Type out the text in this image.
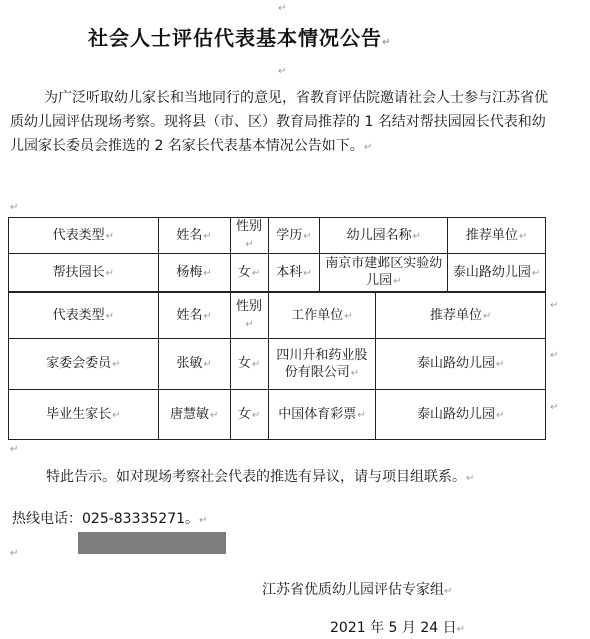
↵
社会人士评估代表基本情况公告↵
↵
为广泛听取幼儿家长和当地同行的意见，省教育评估院邀请社会人士参与江苏省优质幼儿园评估现场考察。现将县（市、区）教育局推荐的 1 名结对帮扶园园长代表和幼儿园家长委员会推选的 2 名家长代表基本情况公告如下。↵
↵
代表类型↵	姓名↵	性别↵	学历↵	幼儿园名称↵	推荐单位↵
帮扶园长↵	杨梅↵	女↵	本科↵	南京市建邺区实验幼儿园↵	泰山路幼儿园↵
代表类型↵	姓名↵	性别↵	工作单位↵	推荐单位↵
家委会委员↵	张敏↵	女↵	四川升和药业股份有限公司↵	泰山路幼儿园↵
毕业生家长↵	唐慧敏↵	女↵	中国体育彩票↵	泰山路幼儿园↵
↵
↵
↵
↵
特此告示。如对现场考察社会代表的推选有异议，请与项目组联系。↵
热线电话：025-83335271。↵
↵
江苏省优质幼儿园评估专家组↵
2021 年 5 月 24 日↵
